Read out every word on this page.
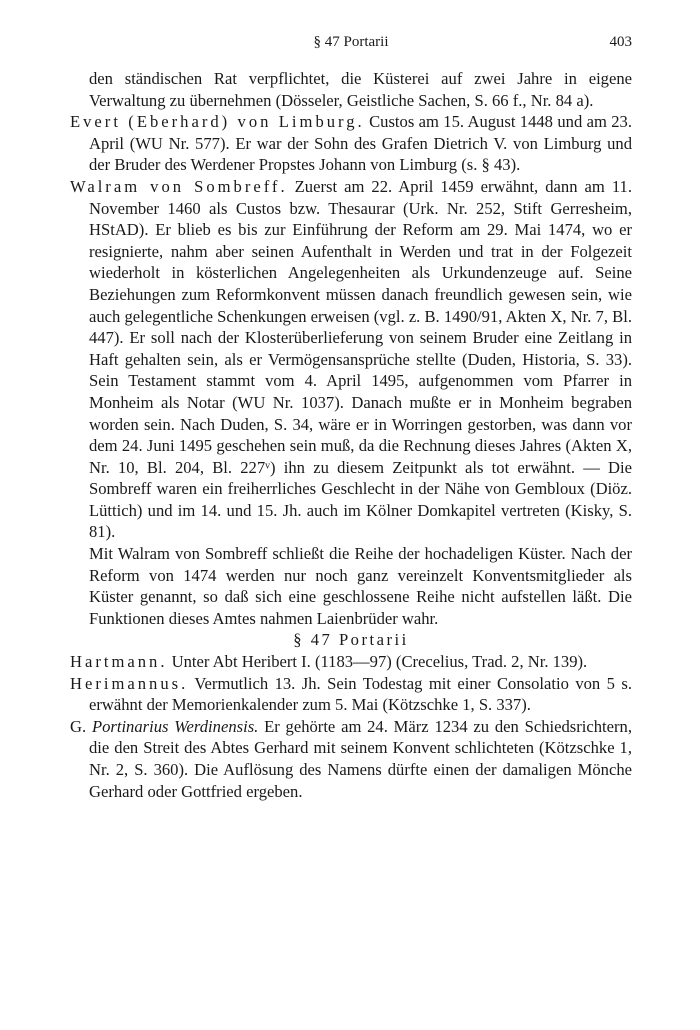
§ 47 Portarii	403

den ständischen Rat verpflichtet, die Küsterei auf zwei Jahre in eigene Verwaltung zu übernehmen (Dösseler, Geistliche Sachen, S. 66 f., Nr. 84 a).

Evert (Eberhard) von Limburg. Custos am 15. August 1448 und am 23. April (WU Nr. 577). Er war der Sohn des Grafen Dietrich V. von Limburg und der Bruder des Werdener Propstes Johann von Limburg (s. § 43).

Walram von Sombreff. Zuerst am 22. April 1459 erwähnt, dann am 11. November 1460 als Custos bzw. Thesaurar (Urk. Nr. 252, Stift Gerresheim, HStAD). Er blieb es bis zur Einführung der Reform am 29. Mai 1474, wo er resignierte, nahm aber seinen Aufenthalt in Werden und trat in der Folgezeit wiederholt in kösterlichen Angelegenheiten als Urkundenzeuge auf. Seine Beziehungen zum Reformkonvent müssen danach freundlich gewesen sein, wie auch gelegentliche Schenkungen erweisen (vgl. z. B. 1490/91, Akten X, Nr. 7, Bl. 447). Er soll nach der Klosterüberlieferung von seinem Bruder eine Zeitlang in Haft gehalten sein, als er Vermögensansprüche stellte (Duden, Historia, S. 33). Sein Testament stammt vom 4. April 1495, aufgenommen vom Pfarrer in Monheim als Notar (WU Nr. 1037). Danach mußte er in Monheim begraben worden sein. Nach Duden, S. 34, wäre er in Worringen gestorben, was dann vor dem 24. Juni 1495 geschehen sein muß, da die Rechnung dieses Jahres (Akten X, Nr. 10, Bl. 204, Bl. 227ᵛ) ihn zu diesem Zeitpunkt als tot erwähnt. — Die Sombreff waren ein freiherrliches Geschlecht in der Nähe von Gembloux (Diöz. Lüttich) und im 14. und 15. Jh. auch im Kölner Domkapitel vertreten (Kisky, S. 81).

Mit Walram von Sombreff schließt die Reihe der hochadeligen Küster. Nach der Reform von 1474 werden nur noch ganz vereinzelt Konventsmitglieder als Küster genannt, so daß sich eine geschlossene Reihe nicht aufstellen läßt. Die Funktionen dieses Amtes nahmen Laienbrüder wahr.

§ 47 Portarii

Hartmann. Unter Abt Heribert I. (1183—97) (Crecelius, Trad. 2, Nr. 139).

Herimannus. Vermutlich 13. Jh. Sein Todestag mit einer Consolatio von 5 s. erwähnt der Memorienkalender zum 5. Mai (Kötzschke 1, S. 337).

G. Portinarius Werdinensis. Er gehörte am 24. März 1234 zu den Schiedsrichtern, die den Streit des Abtes Gerhard mit seinem Konvent schlichteten (Kötzschke 1, Nr. 2, S. 360). Die Auflösung des Namens dürfte einen der damaligen Mönche Gerhard oder Gottfried ergeben.
